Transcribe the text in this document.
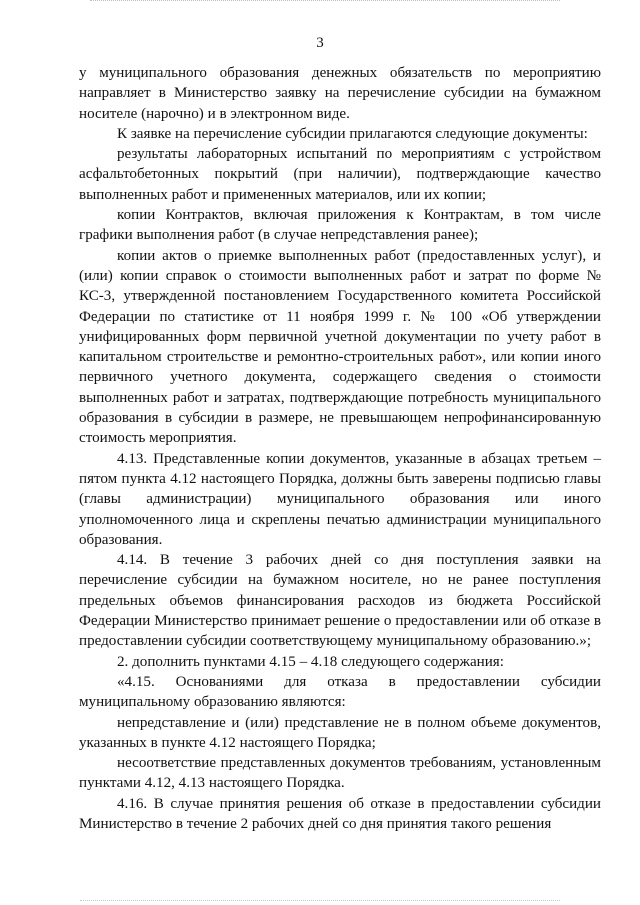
3

у муниципального образования денежных обязательств по мероприятию направляет в Министерство заявку на перечисление субсидии на бумажном носителе (нарочно) и в электронном виде.

К заявке на перечисление субсидии прилагаются следующие документы:

результаты лабораторных испытаний по мероприятиям с устройством асфальтобетонных покрытий (при наличии), подтверждающие качество выполненных работ и примененных материалов, или их копии;

копии Контрактов, включая приложения к Контрактам, в том числе графики выполнения работ (в случае непредставления ранее);

копии актов о приемке выполненных работ (предоставленных услуг), и (или) копии справок о стоимости выполненных работ и затрат по форме № КС-3, утвержденной постановлением Государственного комитета Российской Федерации по статистике от 11 ноября 1999 г. № 100 «Об утверждении унифицированных форм первичной учетной документации по учету работ в капитальном строительстве и ремонтно-строительных работ», или копии иного первичного учетного документа, содержащего сведения о стоимости выполненных работ и затратах, подтверждающие потребность муниципального образования в субсидии в размере, не превышающем непрофинансированную стоимость мероприятия.

4.13. Представленные копии документов, указанные в абзацах третьем – пятом пункта 4.12 настоящего Порядка, должны быть заверены подписью главы (главы администрации) муниципального образования или иного уполномоченного лица и скреплены печатью администрации муниципального образования.

4.14. В течение 3 рабочих дней со дня поступления заявки на перечисление субсидии на бумажном носителе, но не ранее поступления предельных объемов финансирования расходов из бюджета Российской Федерации Министерство принимает решение о предоставлении или об отказе в предоставлении субсидии соответствующему муниципальному образованию.»;

2. дополнить пунктами 4.15 – 4.18 следующего содержания:

«4.15. Основаниями для отказа в предоставлении субсидии муниципальному образованию являются:

непредставление и (или) представление не в полном объеме документов, указанных в пункте 4.12 настоящего Порядка;

несоответствие представленных документов требованиям, установленным пунктами 4.12, 4.13 настоящего Порядка.

4.16. В случае принятия решения об отказе в предоставлении субсидии Министерство в течение 2 рабочих дней со дня принятия такого решения
